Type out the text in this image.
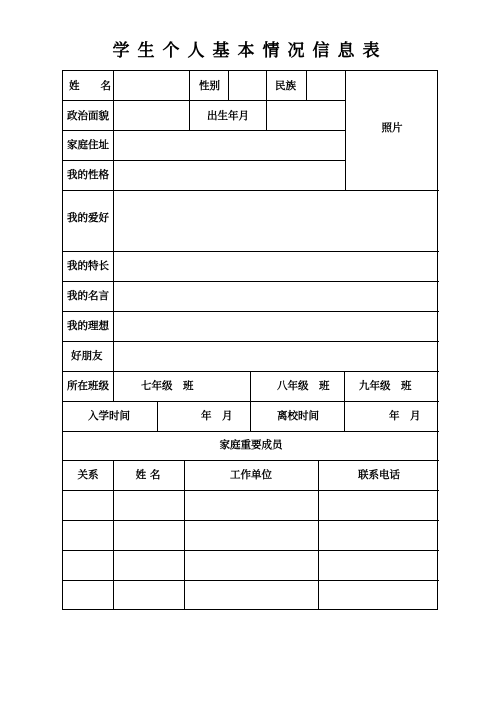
学生个人基本情况信息表
姓　　名	性别	民族
照片
政治面貌	出生年月
家庭住址
我的性格
我的爱好
我的特长
我的名言
我的理想
好朋友
所在班级	七年级　班	八年级　班	九年级　班
入学时间	年　月	离校时间	年　月
家庭重要成员
关系	姓 名	工作单位	联系电话
